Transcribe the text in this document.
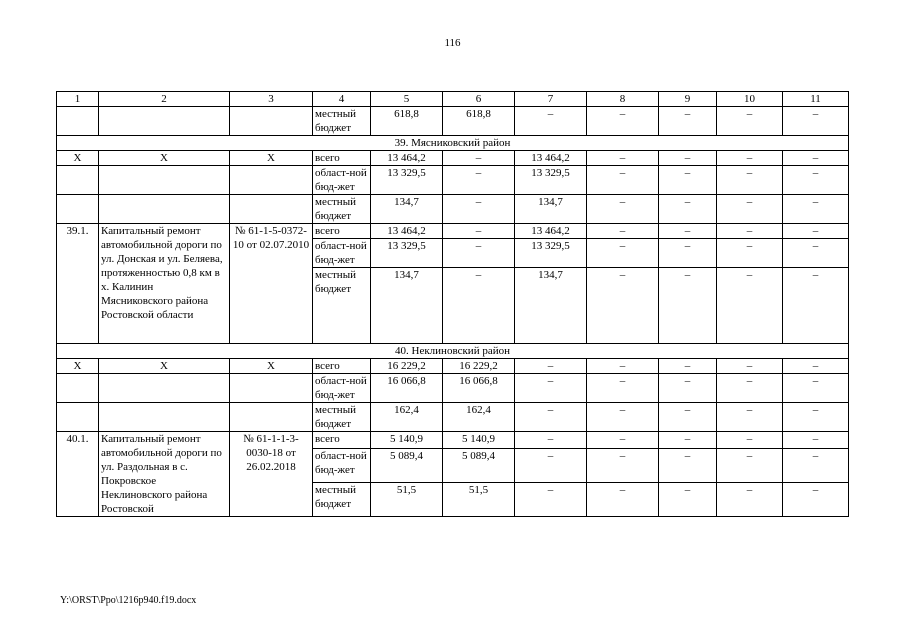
116
1	2	3	4	5	6	7	8	9	10	11
			местный бюджет	618,8	618,8	–	–	–	–	–
39. Мясниковский район										
X	X	X	всего	13 464,2	–	13 464,2	–	–	–	–
			област-ной бюд-жет	13 329,5	–	13 329,5	–	–	–	–
			местный бюджет	134,7	–	134,7	–	–	–	–
39.1.	Капитальный ремонт автомобильной дороги по ул. Донская и ул. Беляева, протяженностью 0,8 км в х. Калинин Мясниковского района Ростовской области	№ 61-1-5-0372-10 от 02.07.2010	всего	13 464,2	–	13 464,2	–	–	–	–
			област-ной бюд-жет	13 329,5	–	13 329,5	–	–	–	–
			местный бюджет	134,7	–	134,7	–	–	–	–
40. Неклиновский район										
X	X	X	всего	16 229,2	16 229,2	–	–	–	–	–
			област-ной бюд-жет	16 066,8	16 066,8	–	–	–	–	–
			местный бюджет	162,4	162,4	–	–	–	–	–
40.1.	Капитальный ремонт автомобильной дороги по ул. Раздольная в с. Покровское Неклиновского района Ростовской	№ 61-1-1-3-0030-18 от 26.02.2018	всего	5 140,9	5 140,9	–	–	–	–	–
			област-ной бюд-жет	5 089,4	5 089,4	–	–	–	–	–
			местный бюджет	51,5	51,5	–	–	–	–	–
Y:\ORST\Ppo\1216p940.f19.docx
